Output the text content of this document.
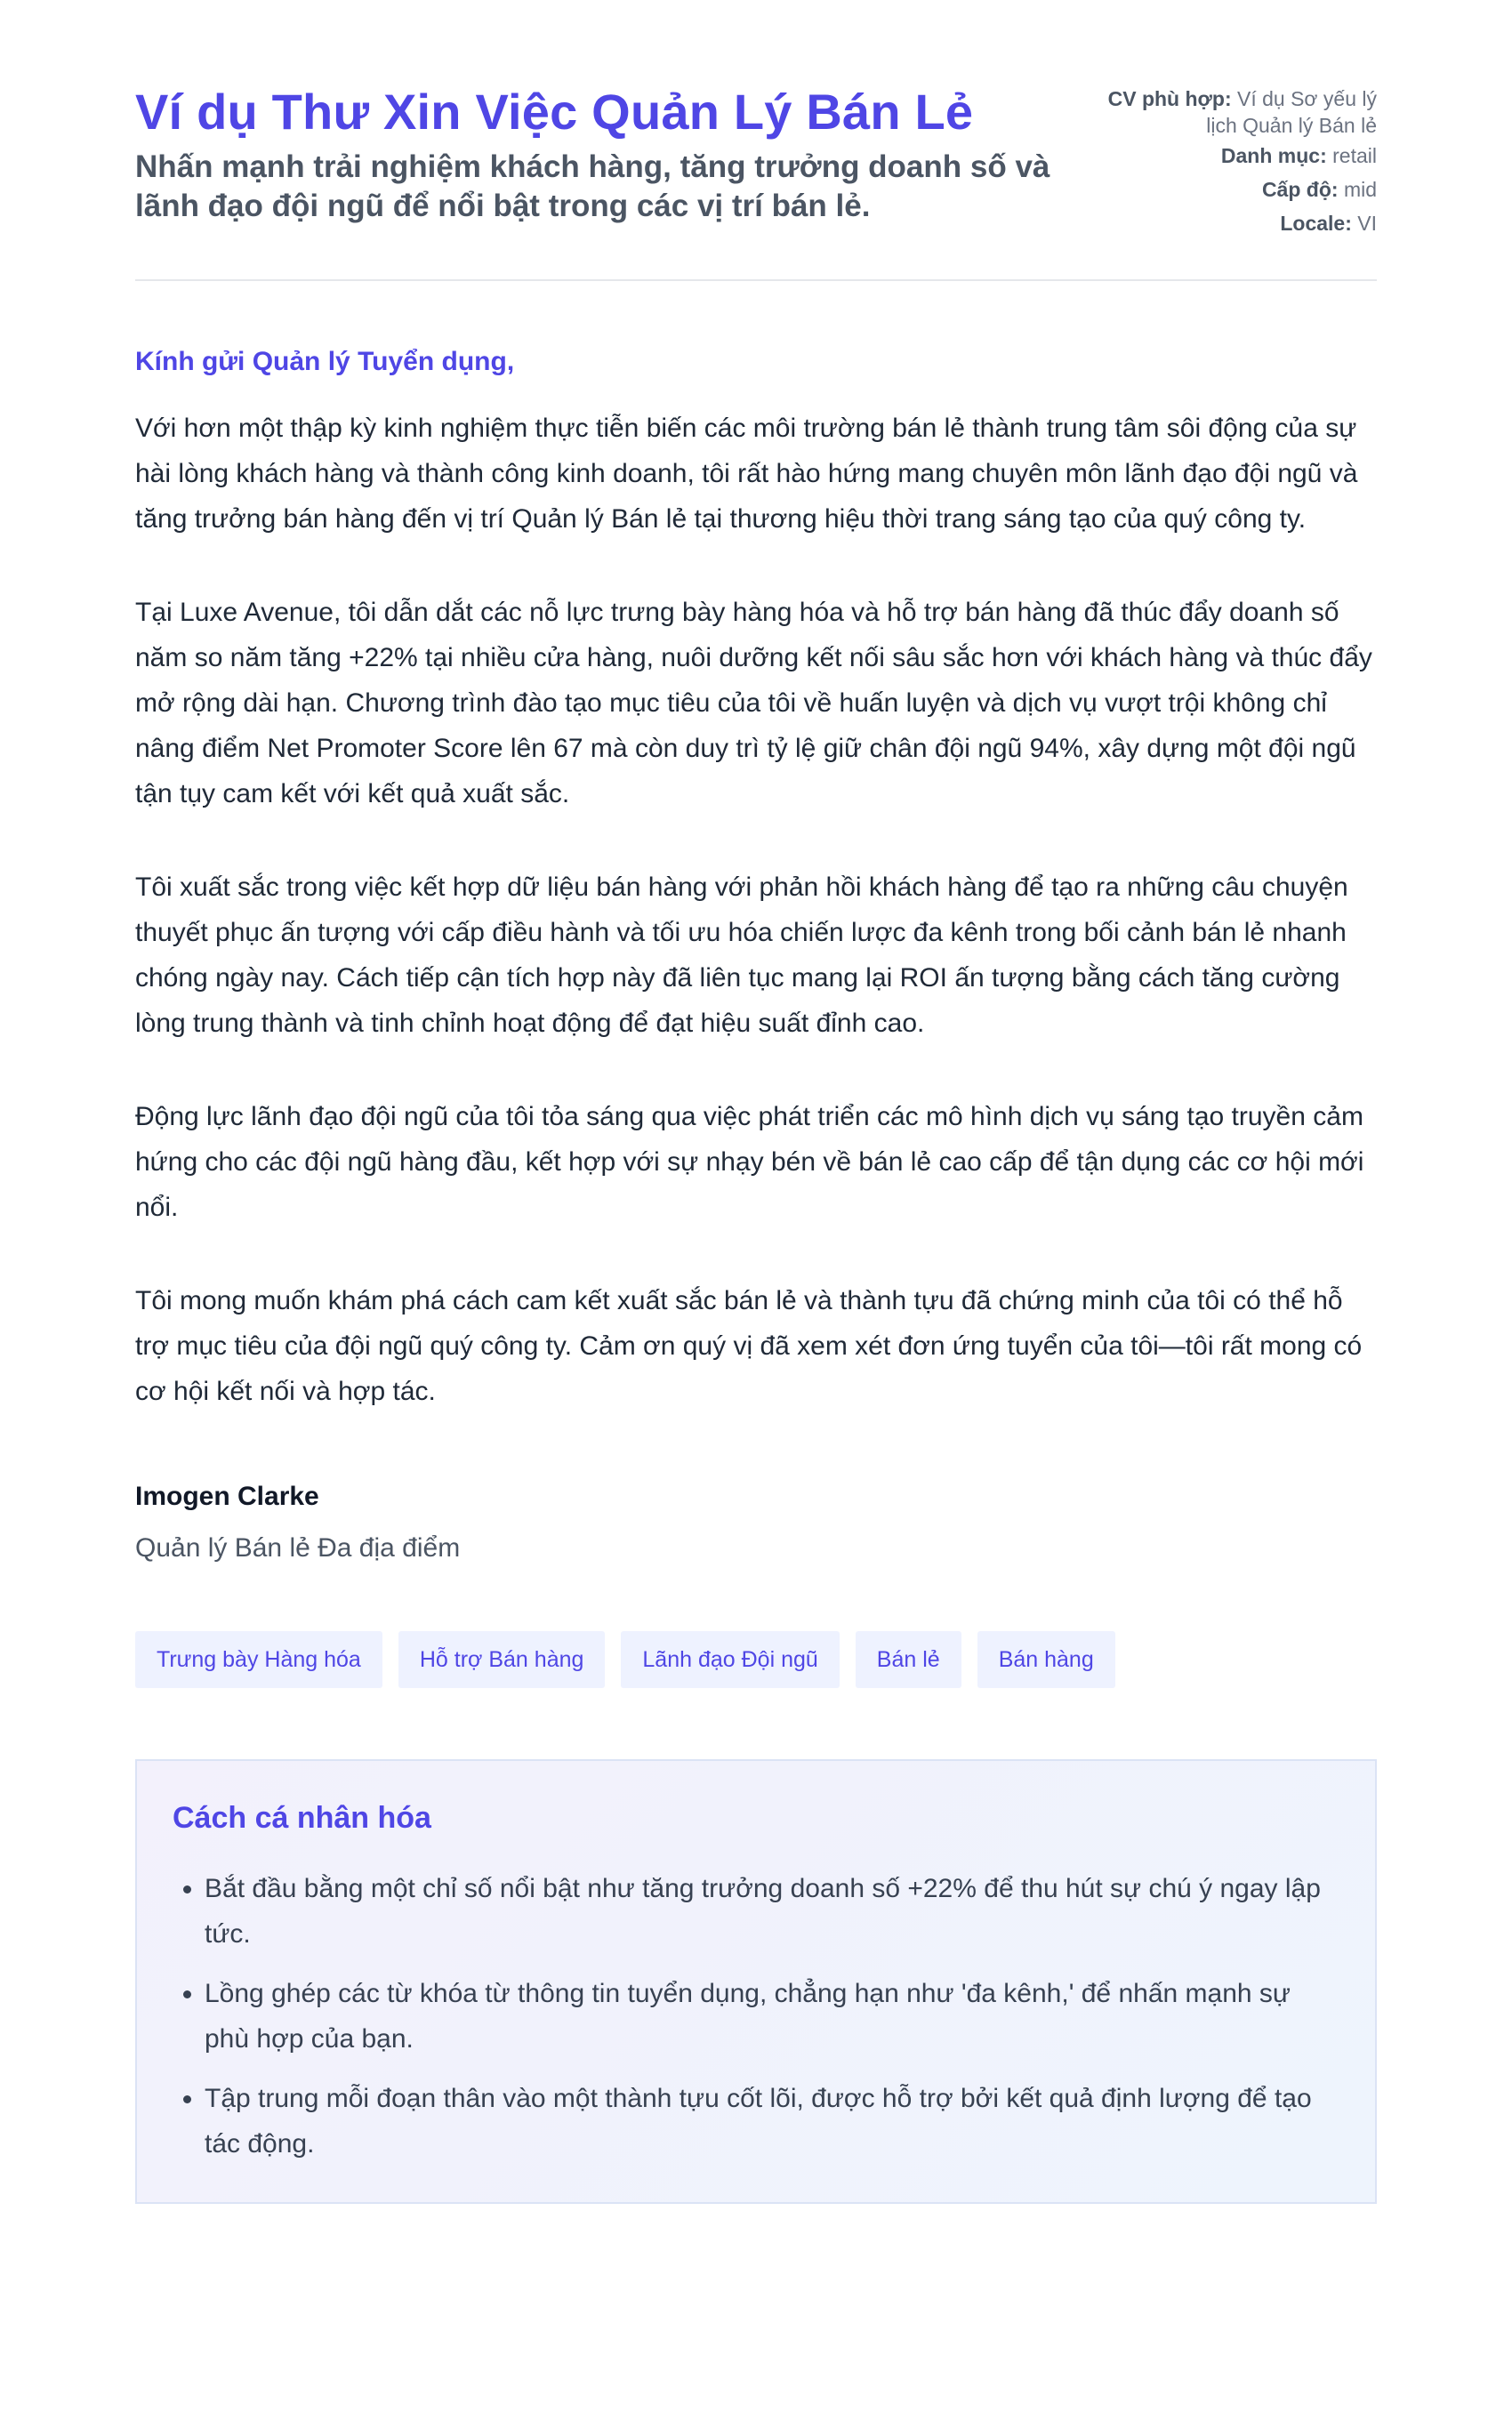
Ví dụ Thư Xin Việc Quản Lý Bán Lẻ

Nhấn mạnh trải nghiệm khách hàng, tăng trưởng doanh số và lãnh đạo đội ngũ để nổi bật trong các vị trí bán lẻ.

CV phù hợp: Ví dụ Sơ yếu lý lịch Quản lý Bán lẻ
Danh mục: retail
Cấp độ: mid
Locale: VI

Kính gửi Quản lý Tuyển dụng,

Với hơn một thập kỳ kinh nghiệm thực tiễn biến các môi trường bán lẻ thành trung tâm sôi động của sự hài lòng khách hàng và thành công kinh doanh, tôi rất hào hứng mang chuyên môn lãnh đạo đội ngũ và tăng trưởng bán hàng đến vị trí Quản lý Bán lẻ tại thương hiệu thời trang sáng tạo của quý công ty.

Tại Luxe Avenue, tôi dẫn dắt các nỗ lực trưng bày hàng hóa và hỗ trợ bán hàng đã thúc đẩy doanh số năm so năm tăng +22% tại nhiều cửa hàng, nuôi dưỡng kết nối sâu sắc hơn với khách hàng và thúc đẩy mở rộng dài hạn. Chương trình đào tạo mục tiêu của tôi về huấn luyện và dịch vụ vượt trội không chỉ nâng điểm Net Promoter Score lên 67 mà còn duy trì tỷ lệ giữ chân đội ngũ 94%, xây dựng một đội ngũ tận tụy cam kết với kết quả xuất sắc.

Tôi xuất sắc trong việc kết hợp dữ liệu bán hàng với phản hồi khách hàng để tạo ra những câu chuyện thuyết phục ấn tượng với cấp điều hành và tối ưu hóa chiến lược đa kênh trong bối cảnh bán lẻ nhanh chóng ngày nay. Cách tiếp cận tích hợp này đã liên tục mang lại ROI ấn tượng bằng cách tăng cường lòng trung thành và tinh chỉnh hoạt động để đạt hiệu suất đỉnh cao.

Động lực lãnh đạo đội ngũ của tôi tỏa sáng qua việc phát triển các mô hình dịch vụ sáng tạo truyền cảm hứng cho các đội ngũ hàng đầu, kết hợp với sự nhạy bén về bán lẻ cao cấp để tận dụng các cơ hội mới nổi.

Tôi mong muốn khám phá cách cam kết xuất sắc bán lẻ và thành tựu đã chứng minh của tôi có thể hỗ trợ mục tiêu của đội ngũ quý công ty. Cảm ơn quý vị đã xem xét đơn ứng tuyển của tôi—tôi rất mong có cơ hội kết nối và hợp tác.

Imogen Clarke
Quản lý Bán lẻ Đa địa điểm
Trưng bày Hàng hóa	Hỗ trợ Bán hàng	Lãnh đạo Đội ngũ	Bán lẻ	Bán hàng
Cách cá nhân hóa
• Bắt đầu bằng một chỉ số nổi bật như tăng trưởng doanh số +22% để thu hút sự chú ý ngay lập tức.
• Lồng ghép các từ khóa từ thông tin tuyển dụng, chẳng hạn như 'đa kênh,' để nhấn mạnh sự phù hợp của bạn.
• Tập trung mỗi đoạn thân vào một thành tựu cốt lõi, được hỗ trợ bởi kết quả định lượng để tạo tác động.
